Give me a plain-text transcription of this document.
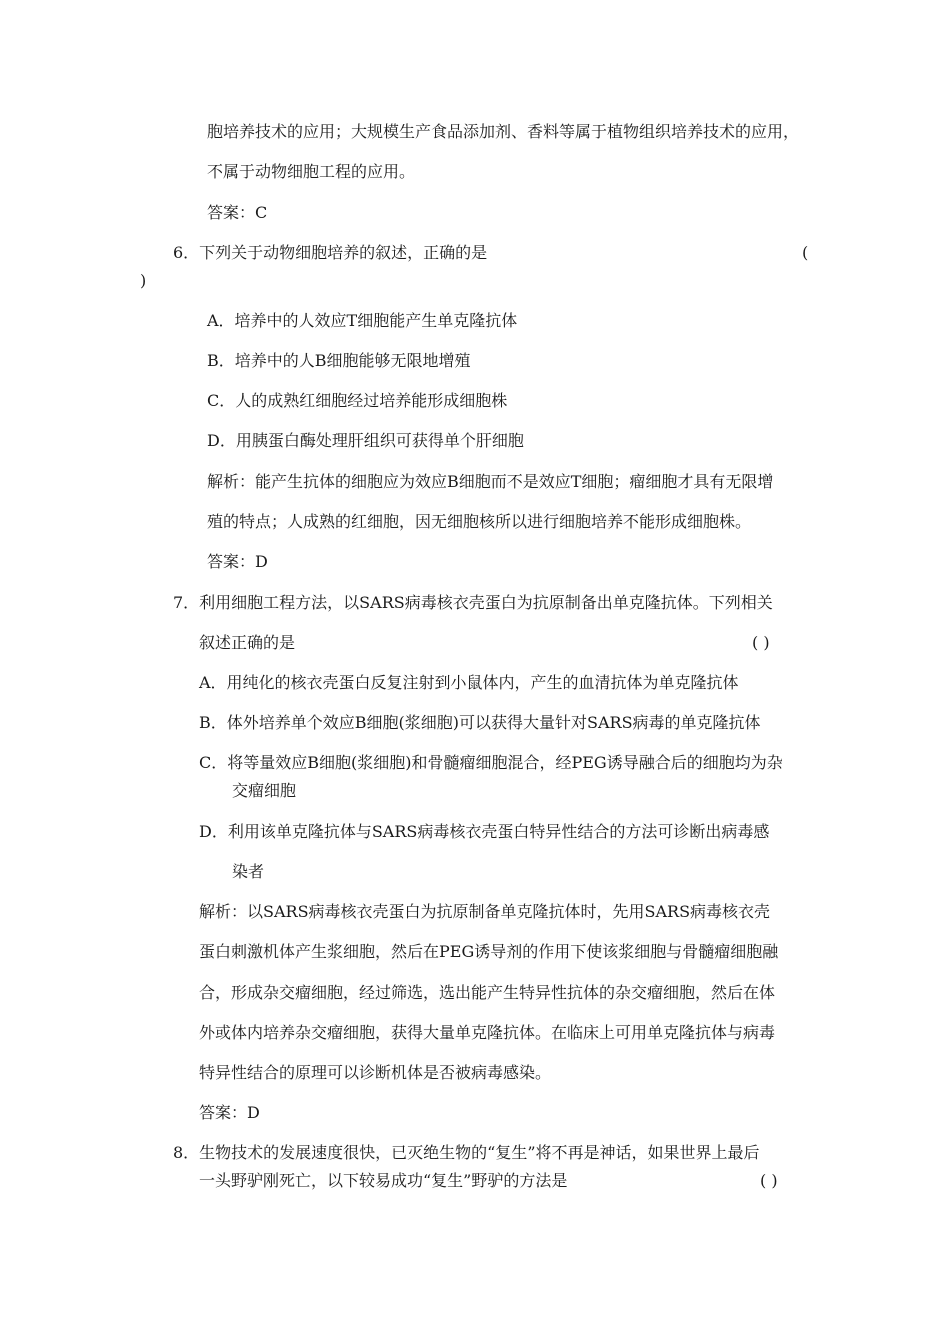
胞培养技术的应用；大规模生产食品添加剂、香料等属于植物组织培养技术的应用，
不属于动物细胞工程的应用。
答案：C
6．下列关于动物细胞培养的叙述，正确的是	(
)
A．培养中的人效应T细胞能产生单克隆抗体
B．培养中的人B细胞能够无限地增殖
C．人的成熟红细胞经过培养能形成细胞株
D．用胰蛋白酶处理肝组织可获得单个肝细胞
解析：能产生抗体的细胞应为效应B细胞而不是效应T细胞；瘤细胞才具有无限增
殖的特点；人成熟的红细胞，因无细胞核所以进行细胞培养不能形成细胞株。
答案：D
7．利用细胞工程方法，以SARS病毒核衣壳蛋白为抗原制备出单克隆抗体。下列相关
叙述正确的是	( )
A．用纯化的核衣壳蛋白反复注射到小鼠体内，产生的血清抗体为单克隆抗体
B．体外培养单个效应B细胞(浆细胞)可以获得大量针对SARS病毒的单克隆抗体
C．将等量效应B细胞(浆细胞)和骨髓瘤细胞混合，经PEG诱导融合后的细胞均为杂
交瘤细胞
D．利用该单克隆抗体与SARS病毒核衣壳蛋白特异性结合的方法可诊断出病毒感
染者
解析：以SARS病毒核衣壳蛋白为抗原制备单克隆抗体时，先用SARS病毒核衣壳
蛋白刺激机体产生浆细胞，然后在PEG诱导剂的作用下使该浆细胞与骨髓瘤细胞融
合，形成杂交瘤细胞，经过筛选，选出能产生特异性抗体的杂交瘤细胞，然后在体
外或体内培养杂交瘤细胞，获得大量单克隆抗体。在临床上可用单克隆抗体与病毒
特异性结合的原理可以诊断机体是否被病毒感染。
答案：D
8．生物技术的发展速度很快，已灭绝生物的“复生”将不再是神话，如果世界上最后
一头野驴刚死亡，以下较易成功“复生”野驴的方法是	( )
